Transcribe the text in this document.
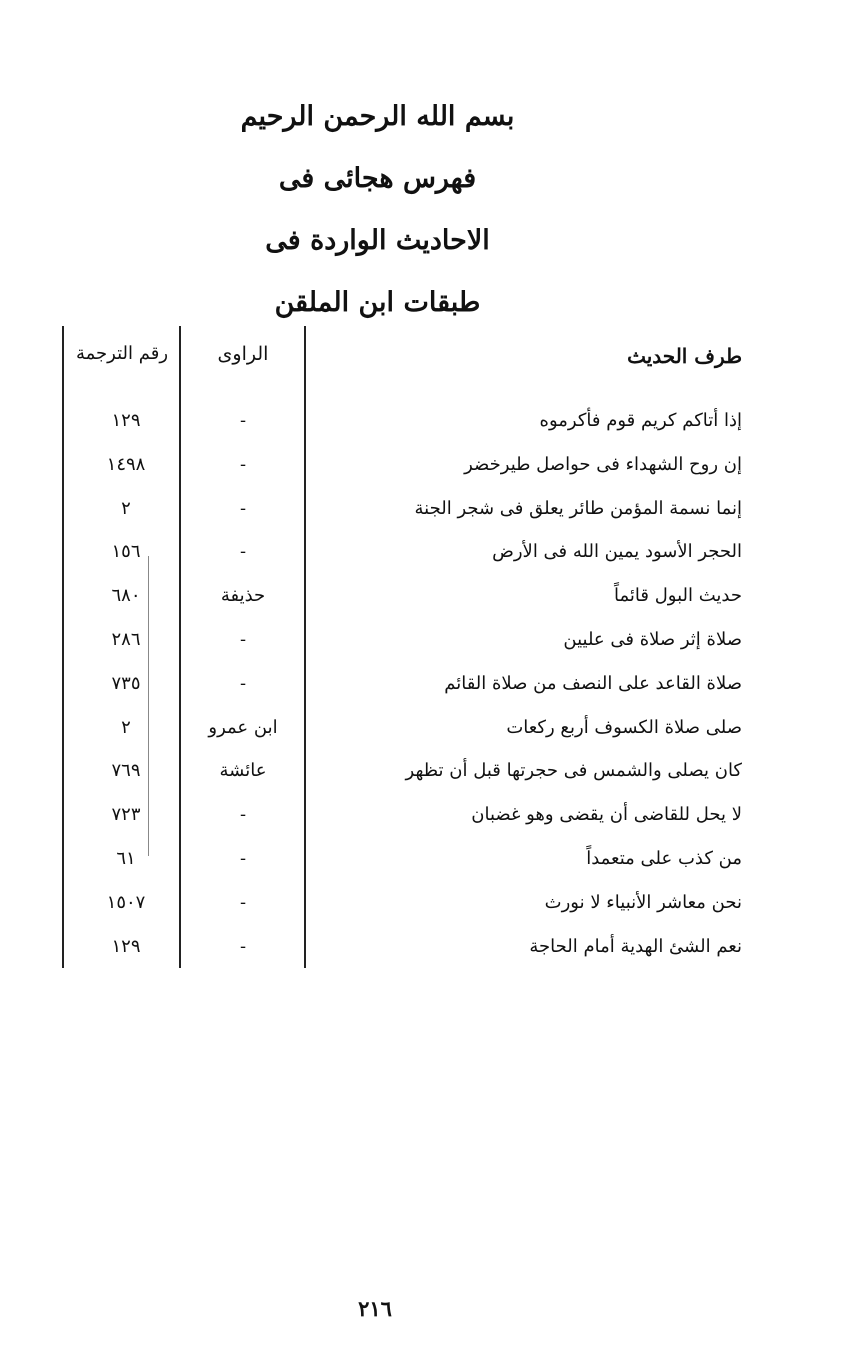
بسم الله الرحمن الرحيم
فهرس هجائى فى
الاحاديث الواردة فى
طبقات ابن الملقن
طرف الحديث
الراوى
رقم الترجمة
إذا أتاكم كريم قوم فأكرموه
-
١٢٩
إن روح الشهداء فى حواصل طيرخضر
-
١٤٩٨
إنما نسمة المؤمن طائر يعلق فى شجر الجنة
-
٢
الحجر الأسود يمين الله فى الأرض
-
١٥٦
حديث البول قائماً
حذيفة
٦٨٠
صلاة إثر صلاة فى عليين
-
٢٨٦
صلاة القاعد على النصف من صلاة القائم
-
٧٣٥
صلى صلاة الكسوف أربع ركعات
ابن عمرو
٢
كان يصلى والشمس فى حجرتها قبل أن تظهر
عائشة
٧٦٩
لا يحل للقاضى أن يقضى وهو غضبان
-
٧٢٣
من كذب على متعمداً
-
٦١
نحن معاشر الأنبياء لا نورث
-
١٥٠٧
نعم الشئ الهدية أمام الحاجة
-
١٢٩
٢١٦
